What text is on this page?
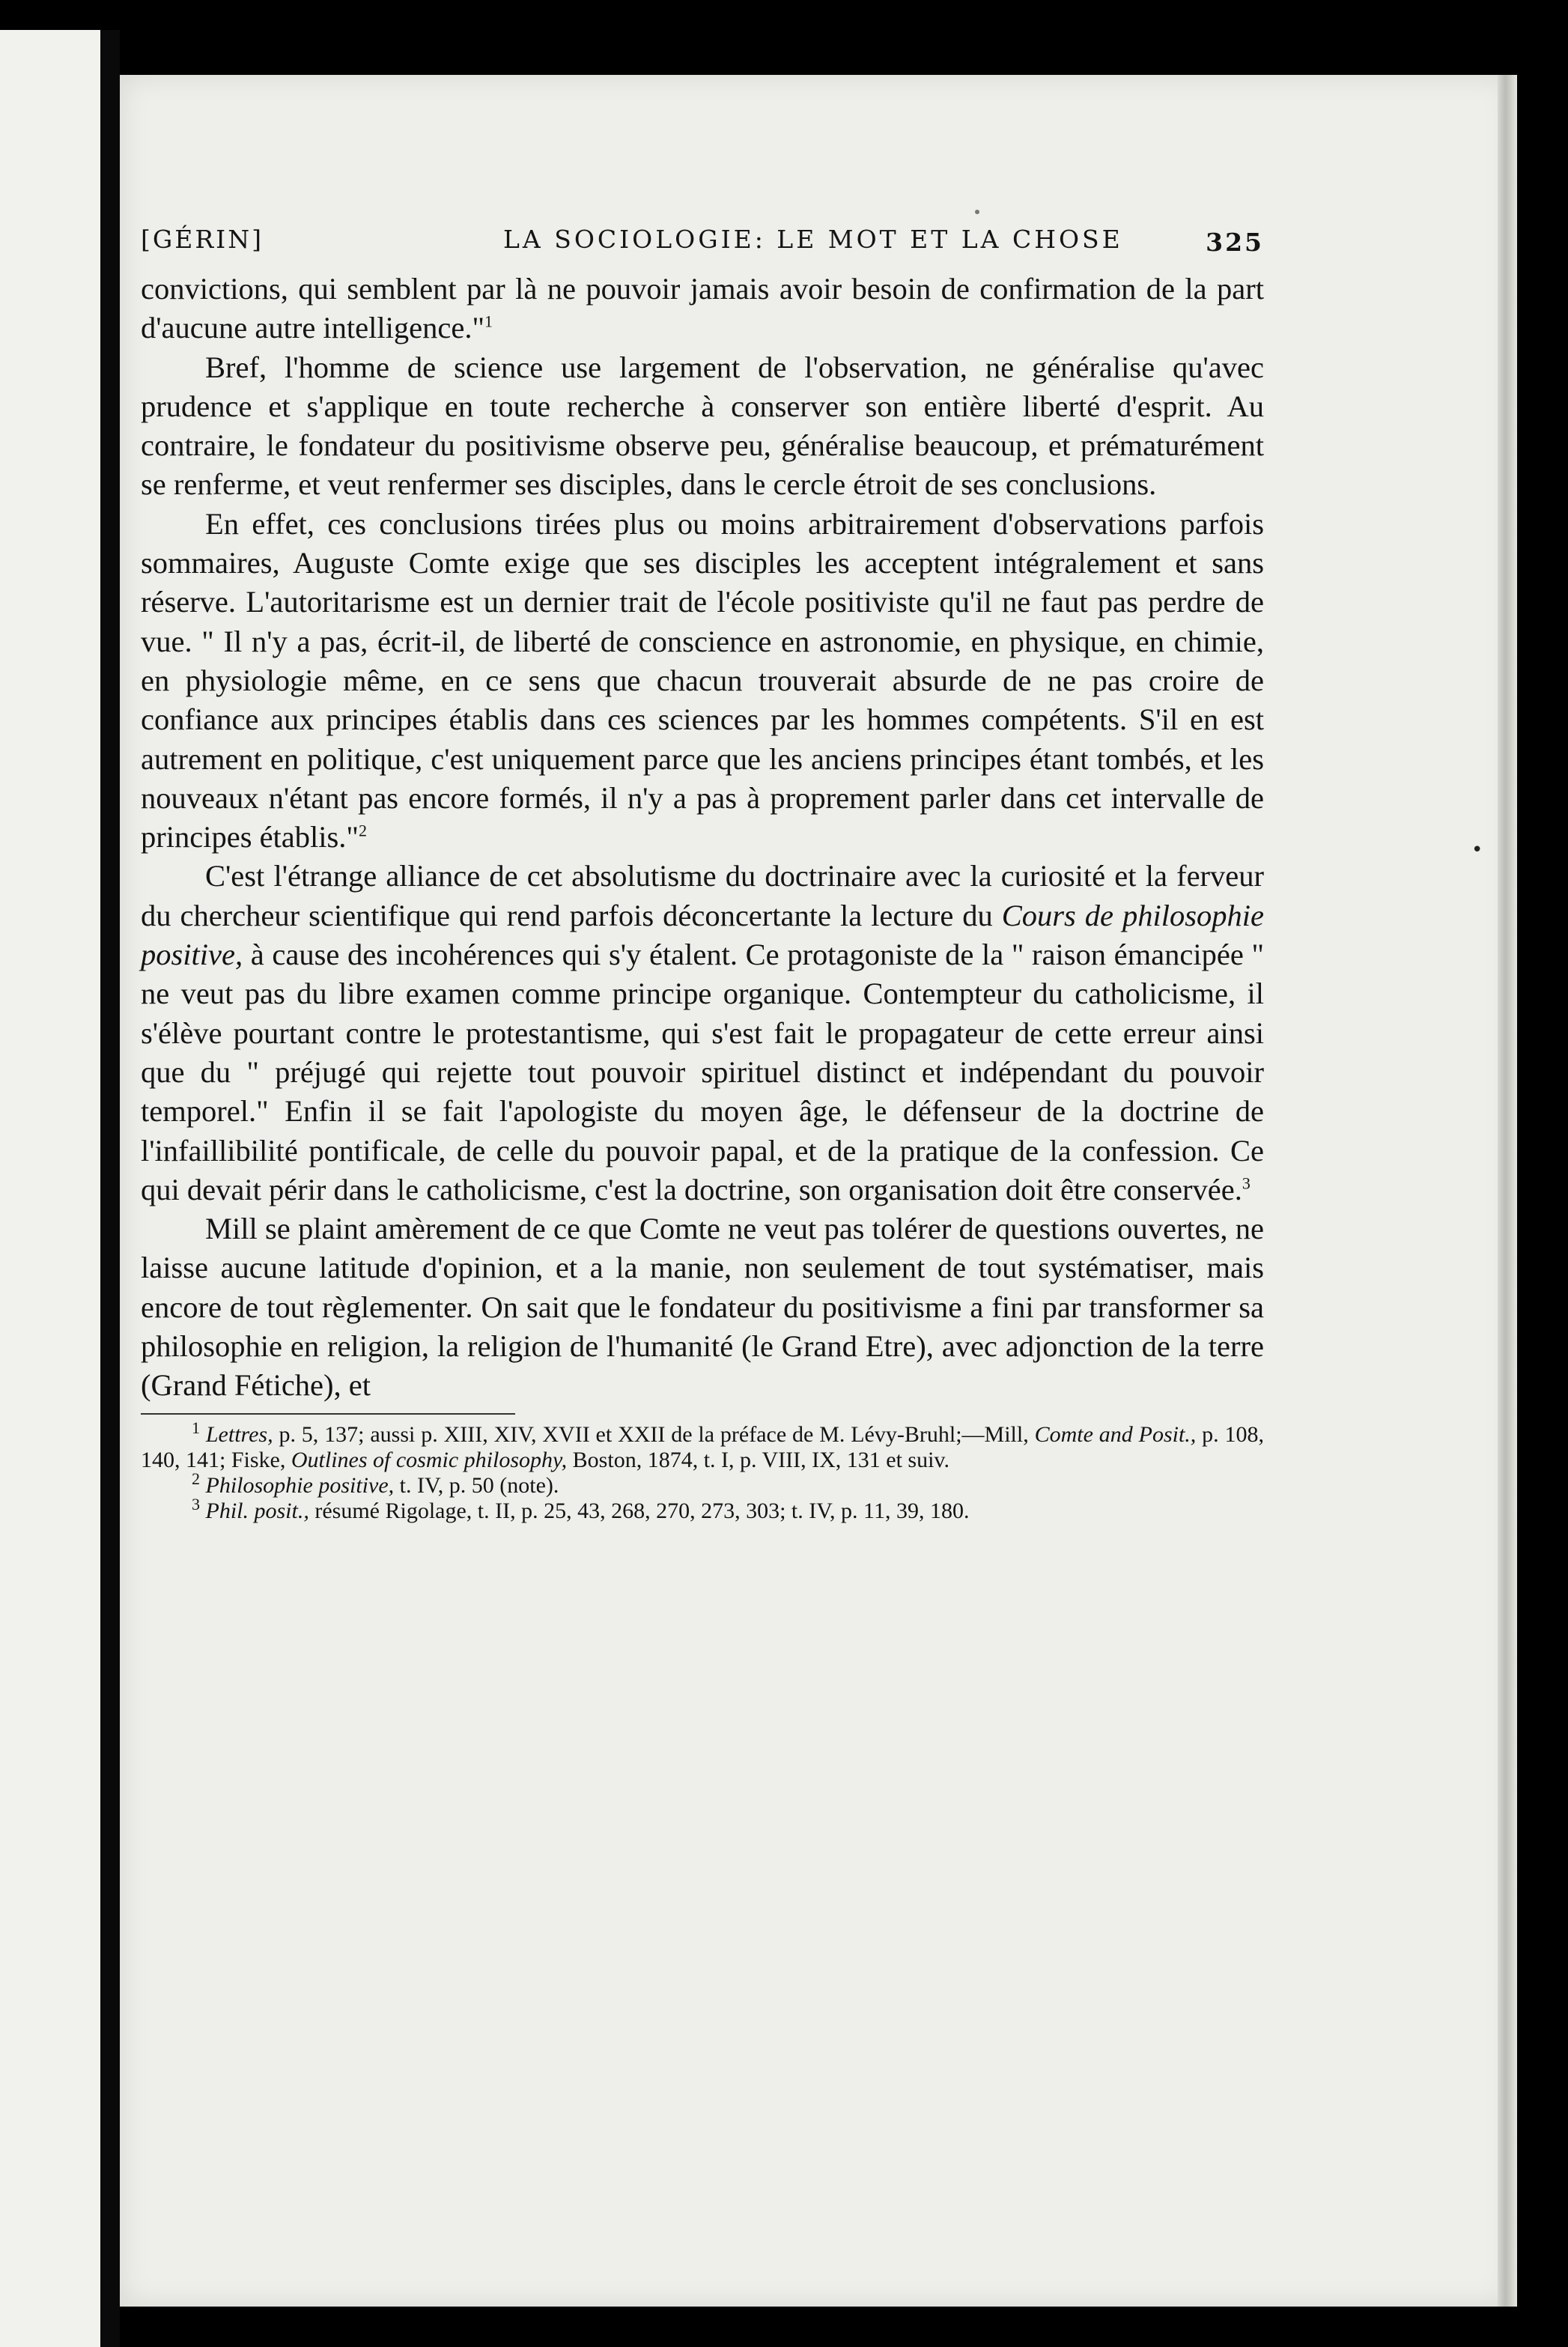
•
[GÉRIN]	LA SOCIOLOGIE: LE MOT ET LA CHOSE	325

convictions, qui semblent par là ne pouvoir jamais avoir besoin de confirmation de la part d'aucune autre intelligence."$^1$

Bref, l'homme de science use largement de l'observation, ne généralise qu'avec prudence et s'applique en toute recherche à conserver son entière liberté d'esprit. Au contraire, le fondateur du positivisme observe peu, généralise beaucoup, et prématurément se renferme, et veut renfermer ses disciples, dans le cercle étroit de ses conclusions.

En effet, ces conclusions tirées plus ou moins arbitrairement d'observations parfois sommaires, Auguste Comte exige que ses disciples les acceptent intégralement et sans réserve. L'autoritarisme est un dernier trait de l'école positiviste qu'il ne faut pas perdre de vue. " Il n'y a pas, écrit-il, de liberté de conscience en astronomie, en physique, en chimie, en physiologie même, en ce sens que chacun trouverait absurde de ne pas croire de confiance aux principes établis dans ces sciences par les hommes compétents. S'il en est autrement en politique, c'est uniquement parce que les anciens principes étant tombés, et les nouveaux n'étant pas encore formés, il n'y a pas à proprement parler dans cet intervalle de principes établis."$^2$

C'est l'étrange alliance de cet absolutisme du doctrinaire avec la curiosité et la ferveur du chercheur scientifique qui rend parfois déconcertante la lecture du Cours de philosophie positive, à cause des incohérences qui s'y étalent. Ce protagoniste de la " raison émancipée " ne veut pas du libre examen comme principe organique. Contempteur du catholicisme, il s'élève pourtant contre le protestantisme, qui s'est fait le propagateur de cette erreur ainsi que du " préjugé qui rejette tout pouvoir spirituel distinct et indépendant du pouvoir temporel." Enfin il se fait l'apologiste du moyen âge, le défenseur de la doctrine de l'infaillibilité pontificale, de celle du pouvoir papal, et de la pratique de la confession. Ce qui devait périr dans le catholicisme, c'est la doctrine, son organisation doit être conservée.$^3$

Mill se plaint amèrement de ce que Comte ne veut pas tolérer de questions ouvertes, ne laisse aucune latitude d'opinion, et a la manie, non seulement de tout systématiser, mais encore de tout règlementer. On sait que le fondateur du positivisme a fini par transformer sa philosophie en religion, la religion de l'humanité (le Grand Etre), avec adjonction de la terre (Grand Fétiche), et

$^1$ Lettres, p. 5, 137; aussi p. XIII, XIV, XVII et XXII de la préface de M. Lévy-Bruhl;—Mill, Comte and Posit., p. 108, 140, 141; Fiske, Outlines of cosmic philosophy, Boston, 1874, t. I, p. VIII, IX, 131 et suiv.

$^2$ Philosophie positive, t. IV, p. 50 (note).

$^3$ Phil. posit., résumé Rigolage, t. II, p. 25, 43, 268, 270, 273, 303; t. IV, p. 11, 39, 180.
